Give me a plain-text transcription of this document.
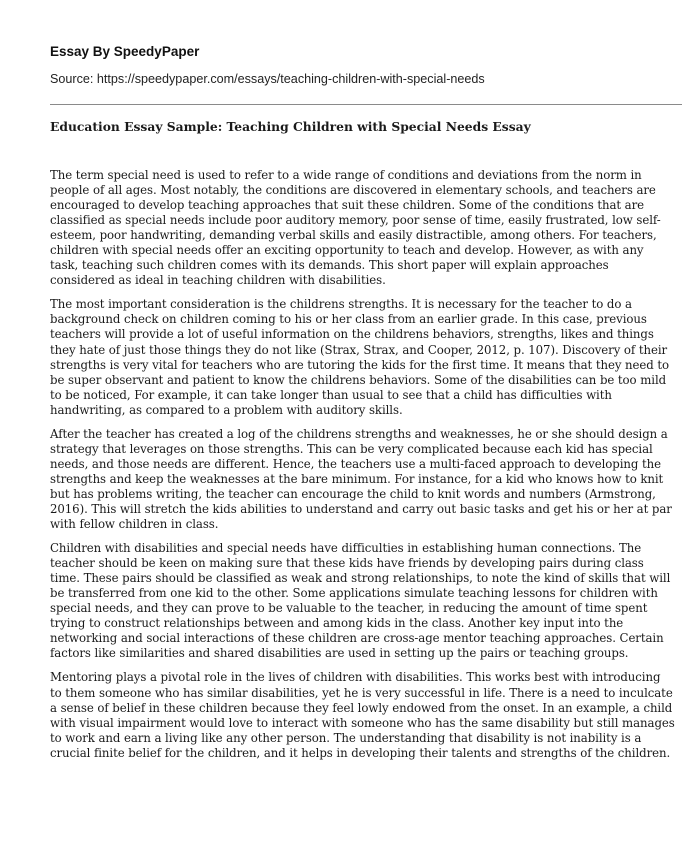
Essay By SpeedyPaper
Source: https://speedypaper.com/essays/teaching-children-with-special-needs
Education Essay Sample: Teaching Children with Special Needs Essay

The term special need is used to refer to a wide range of conditions and deviations from the norm in people of all ages. Most notably, the conditions are discovered in elementary schools, and teachers are encouraged to develop teaching approaches that suit these children. Some of the conditions that are classified as special needs include poor auditory memory, poor sense of time, easily frustrated, low self-esteem, poor handwriting, demanding verbal skills and easily distractible, among others. For teachers, children with special needs offer an exciting opportunity to teach and develop. However, as with any task, teaching such children comes with its demands. This short paper will explain approaches considered as ideal in teaching children with disabilities.

The most important consideration is the childrens strengths. It is necessary for the teacher to do a background check on children coming to his or her class from an earlier grade. In this case, previous teachers will provide a lot of useful information on the childrens behaviors, strengths, likes and things they hate of just those things they do not like (Strax, Strax, and Cooper, 2012, p. 107). Discovery of their strengths is very vital for teachers who are tutoring the kids for the first time. It means that they need to be super observant and patient to know the childrens behaviors. Some of the disabilities can be too mild to be noticed, For example, it can take longer than usual to see that a child has difficulties with handwriting, as compared to a problem with auditory skills.

After the teacher has created a log of the childrens strengths and weaknesses, he or she should design a strategy that leverages on those strengths. This can be very complicated because each kid has special needs, and those needs are different. Hence, the teachers use a multi-faced approach to developing the strengths and keep the weaknesses at the bare minimum. For instance, for a kid who knows how to knit but has problems writing, the teacher can encourage the child to knit words and numbers (Armstrong, 2016). This will stretch the kids abilities to understand and carry out basic tasks and get his or her at par with fellow children in class.

Children with disabilities and special needs have difficulties in establishing human connections. The teacher should be keen on making sure that these kids have friends by developing pairs during class time. These pairs should be classified as weak and strong relationships, to note the kind of skills that will be transferred from one kid to the other. Some applications simulate teaching lessons for children with special needs, and they can prove to be valuable to the teacher, in reducing the amount of time spent trying to construct relationships between and among kids in the class. Another key input into the networking and social interactions of these children are cross-age mentor teaching approaches. Certain factors like similarities and shared disabilities are used in setting up the pairs or teaching groups.

Mentoring plays a pivotal role in the lives of children with disabilities. This works best with introducing to them someone who has similar disabilities, yet he is very successful in life. There is a need to inculcate a sense of belief in these children because they feel lowly endowed from the onset. In an example, a child with visual impairment would love to interact with someone who has the same disability but still manages to work and earn a living like any other person. The understanding that disability is not inability is a crucial finite belief for the children, and it helps in developing their talents and strengths of the children.
